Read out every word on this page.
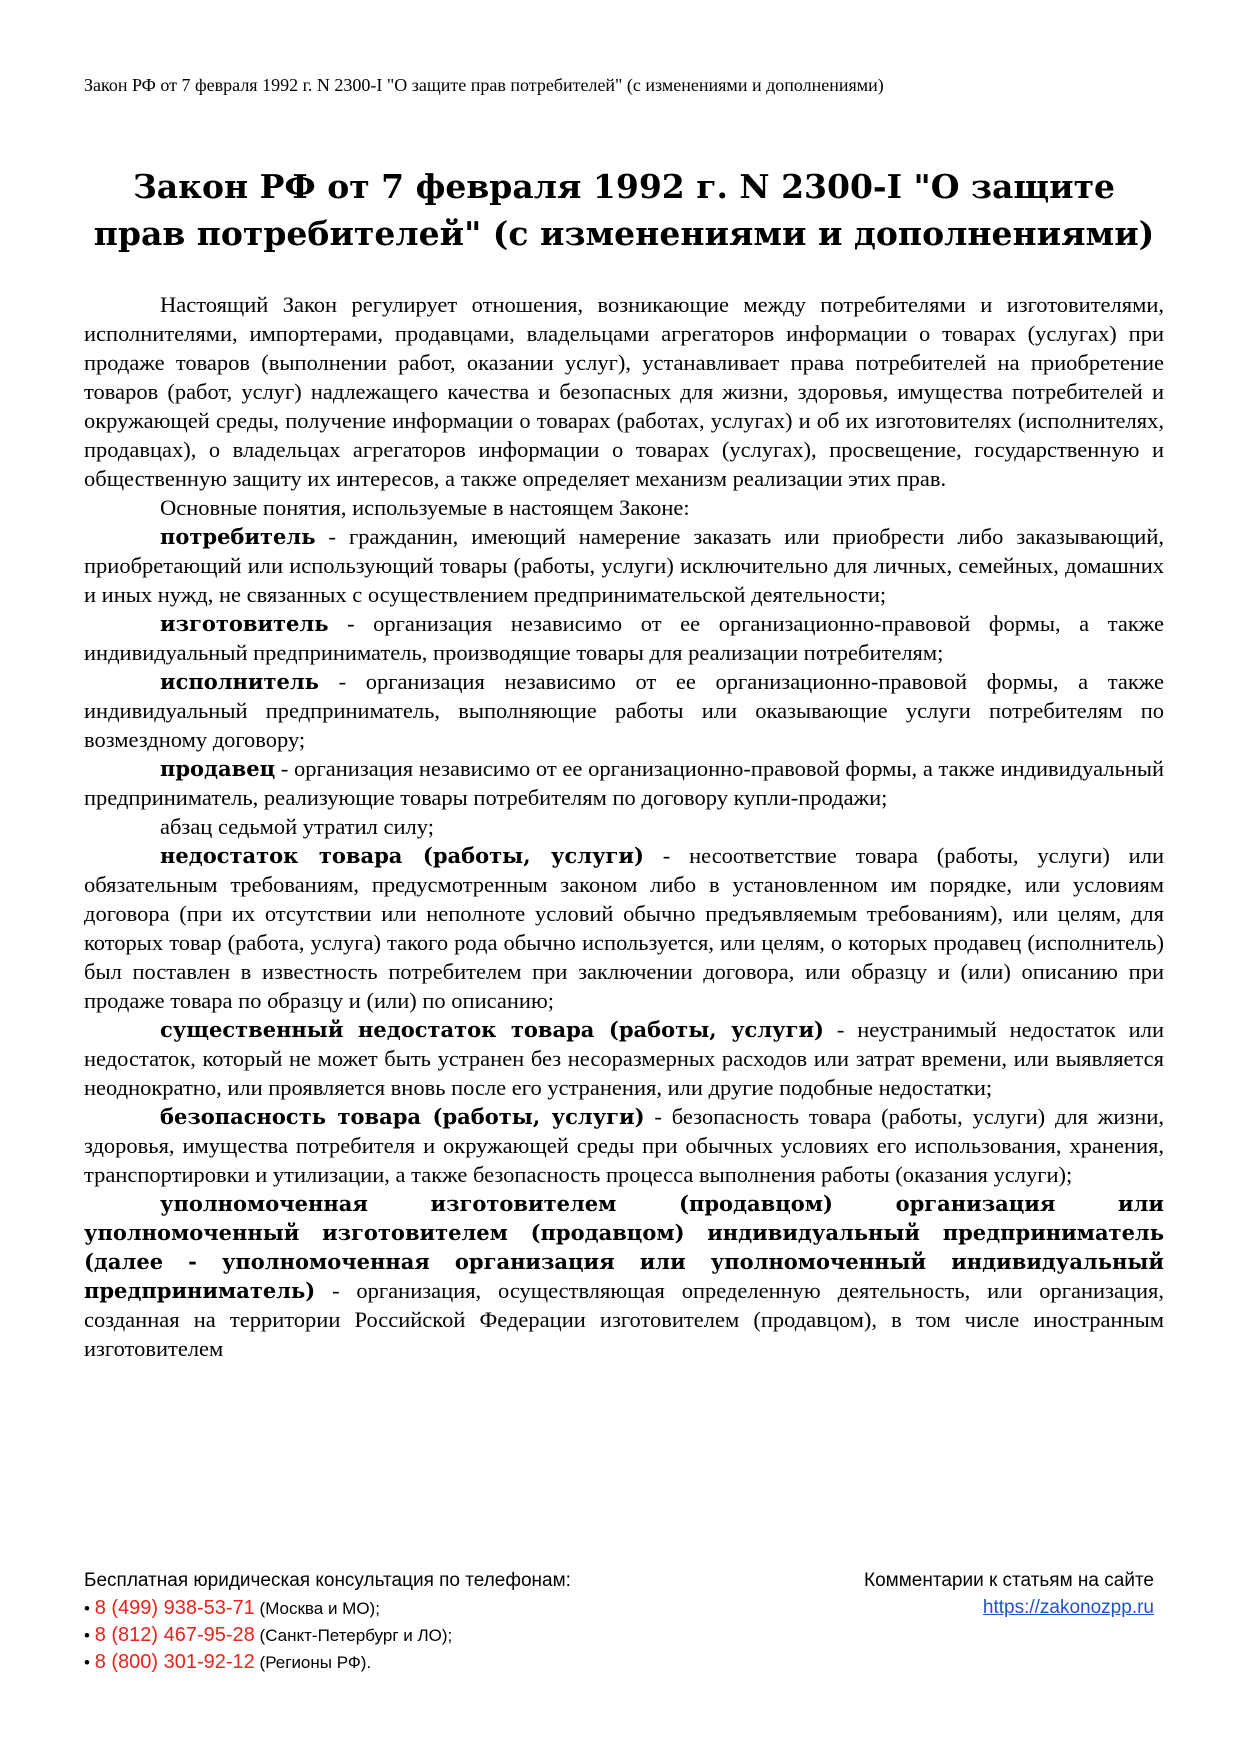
Закон РФ от 7 февраля 1992 г. N 2300-I "О защите прав потребителей" (с изменениями и дополнениями)
Закон РФ от 7 февраля 1992 г. N 2300-I "О защите прав потребителей" (с изменениями и дополнениями)

Настоящий Закон регулирует отношения, возникающие между потребителями и изготовителями, исполнителями, импортерами, продавцами, владельцами агрегаторов информации о товарах (услугах) при продаже товаров (выполнении работ, оказании услуг), устанавливает права потребителей на приобретение товаров (работ, услуг) надлежащего качества и безопасных для жизни, здоровья, имущества потребителей и окружающей среды, получение информации о товарах (работах, услугах) и об их изготовителях (исполнителях, продавцах), о владельцах агрегаторов информации о товарах (услугах), просвещение, государственную и общественную защиту их интересов, а также определяет механизм реализации этих прав.

Основные понятия, используемые в настоящем Законе:

потребитель - гражданин, имеющий намерение заказать или приобрести либо заказывающий, приобретающий или использующий товары (работы, услуги) исключительно для личных, семейных, домашних и иных нужд, не связанных с осуществлением предпринимательской деятельности;

изготовитель - организация независимо от ее организационно-правовой формы, а также индивидуальный предприниматель, производящие товары для реализации потребителям;

исполнитель - организация независимо от ее организационно-правовой формы, а также индивидуальный предприниматель, выполняющие работы или оказывающие услуги потребителям по возмездному договору;

продавец - организация независимо от ее организационно-правовой формы, а также индивидуальный предприниматель, реализующие товары потребителям по договору купли-продажи;

абзац седьмой утратил силу;

недостаток товара (работы, услуги) - несоответствие товара (работы, услуги) или обязательным требованиям, предусмотренным законом либо в установленном им порядке, или условиям договора (при их отсутствии или неполноте условий обычно предъявляемым требованиям), или целям, для которых товар (работа, услуга) такого рода обычно используется, или целям, о которых продавец (исполнитель) был поставлен в известность потребителем при заключении договора, или образцу и (или) описанию при продаже товара по образцу и (или) по описанию;

существенный недостаток товара (работы, услуги) - неустранимый недостаток или недостаток, который не может быть устранен без несоразмерных расходов или затрат времени, или выявляется неоднократно, или проявляется вновь после его устранения, или другие подобные недостатки;

безопасность товара (работы, услуги) - безопасность товара (работы, услуги) для жизни, здоровья, имущества потребителя и окружающей среды при обычных условиях его использования, хранения, транспортировки и утилизации, а также безопасность процесса выполнения работы (оказания услуги);

уполномоченная изготовителем (продавцом) организация или уполномоченный изготовителем (продавцом) индивидуальный предприниматель (далее - уполномоченная организация или уполномоченный индивидуальный предприниматель) - организация, осуществляющая определенную деятельность, или организация, созданная на территории Российской Федерации изготовителем (продавцом), в том числе иностранным изготовителем

Бесплатная юридическая консультация по телефонам:
• 8 (499) 938-53-71 (Москва и МО);
• 8 (812) 467-95-28 (Санкт-Петербург и ЛО);
• 8 (800) 301-92-12 (Регионы РФ).
Комментарии к статьям на сайте
https://zakonozpp.ru
